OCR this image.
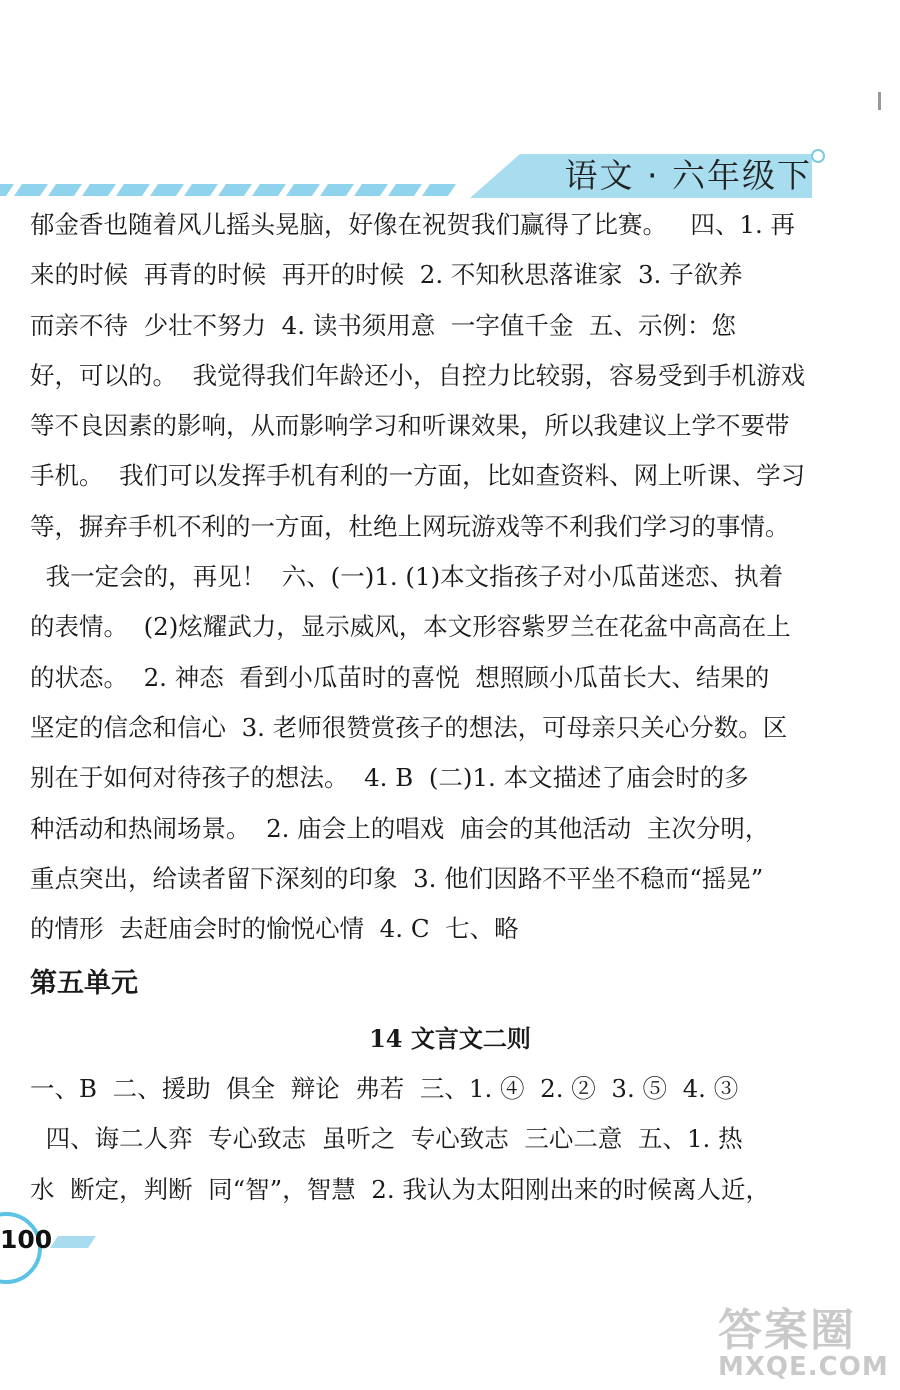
语文 · 六年级下
郁金香也随着风儿摇头晃脑，好像在祝贺我们赢得了比赛。   四、1. 再
来的时候  再青的时候  再开的时候  2. 不知秋思落谁家  3. 子欲养
而亲不待  少壮不努力  4. 读书须用意  一字值千金  五、示例：您
好，可以的。  我觉得我们年龄还小，自控力比较弱，容易受到手机游戏
等不良因素的影响，从而影响学习和听课效果，所以我建议上学不要带
手机。  我们可以发挥手机有利的一方面，比如查资料、网上听课、学习
等，摒弃手机不利的一方面，杜绝上网玩游戏等不利我们学习的事情。
我一定会的，再见！  六、(一)1. (1)本文指孩子对小瓜苗迷恋、执着
的表情。  (2)炫耀武力，显示威风，本文形容紫罗兰在花盆中高高在上
的状态。  2. 神态  看到小瓜苗时的喜悦  想照顾小瓜苗长大、结果的
坚定的信念和信心  3. 老师很赞赏孩子的想法，可母亲只关心分数。区
别在于如何对待孩子的想法。  4. B  (二)1. 本文描述了庙会时的多
种活动和热闹场景。  2. 庙会上的唱戏  庙会的其他活动  主次分明，
重点突出，给读者留下深刻的印象  3. 他们因路不平坐不稳而“摇晃”
的情形  去赶庙会时的愉悦心情  4. C  七、略
第五单元
14 文言文二则
一、B  二、援助  俱全  辩论  弗若  三、1. ④  2. ②  3. ⑤  4. ③
四、诲二人弈  专心致志  虽听之  专心致志  三心二意  五、1. 热
水  断定，判断  同“智”，智慧  2. 我认为太阳刚出来的时候离人近，
100
答案圈
MXQE.COM
